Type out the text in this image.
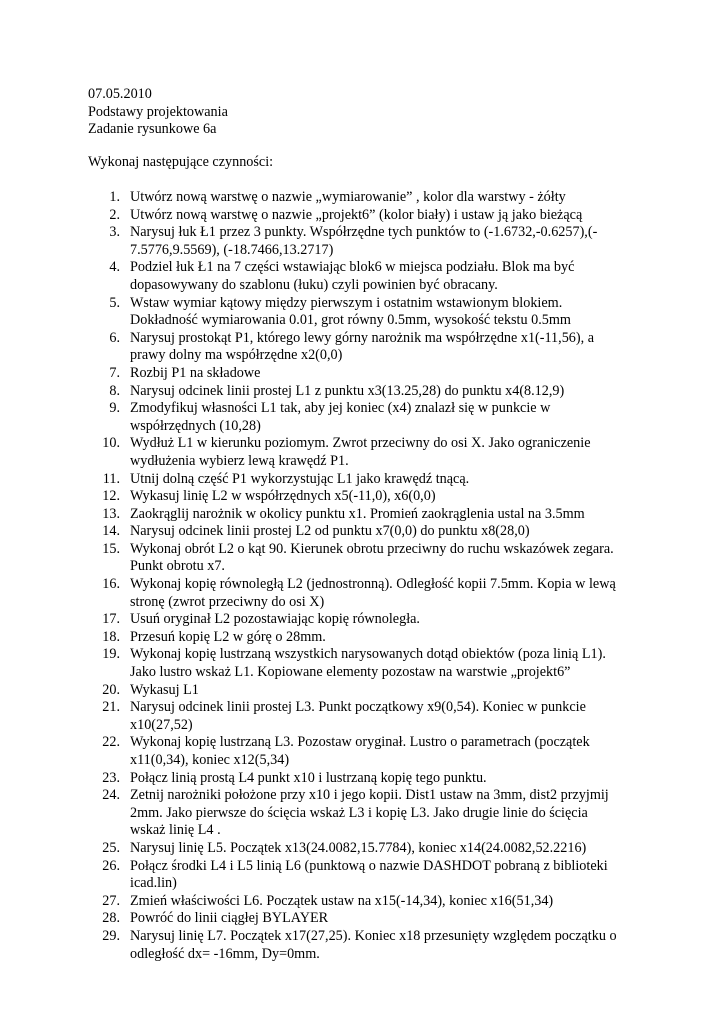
07.05.2010
Podstawy projektowania
Zadanie rysunkowe 6a
Wykonaj następujące czynności:
1. Utwórz nową warstwę o nazwie „wymiarowanie” , kolor dla warstwy - żółty
2. Utwórz nową warstwę o nazwie „projekt6” (kolor biały) i ustaw ją jako bieżącą
3. Narysuj łuk Ł1 przez 3 punkty. Współrzędne tych punktów to (-1.6732,-0.6257),(-
7.5776,9.5569), (-18.7466,13.2717)
4. Podziel łuk Ł1 na 7 części wstawiając blok6 w miejsca podziału. Blok ma być
dopasowywany do szablonu (łuku) czyli powinien być obracany.
5. Wstaw wymiar kątowy między pierwszym i ostatnim wstawionym blokiem.
Dokładność wymiarowania 0.01, grot równy 0.5mm, wysokość tekstu 0.5mm
6. Narysuj prostokąt P1, którego lewy górny narożnik ma współrzędne x1(-11,56), a
prawy dolny ma współrzędne x2(0,0)
7. Rozbij P1 na składowe
8. Narysuj odcinek linii prostej L1 z punktu x3(13.25,28) do punktu x4(8.12,9)
9. Zmodyfikuj własności L1 tak, aby jej koniec (x4) znalazł się w punkcie w
współrzędnych (10,28)
10. Wydłuż L1 w kierunku poziomym. Zwrot przeciwny do osi X. Jako ograniczenie
wydłużenia wybierz lewą krawędź P1.
11. Utnij dolną część P1 wykorzystując L1 jako krawędź tnącą.
12. Wykasuj linię L2 w współrzędnych x5(-11,0), x6(0,0)
13. Zaokrąglij narożnik w okolicy punktu x1. Promień zaokrąglenia ustal na 3.5mm
14. Narysuj odcinek linii prostej L2 od punktu x7(0,0) do punktu x8(28,0)
15. Wykonaj obrót L2 o kąt 90. Kierunek obrotu przeciwny do ruchu wskazówek zegara.
Punkt obrotu x7.
16. Wykonaj kopię równoległą L2 (jednostronną). Odległość kopii 7.5mm. Kopia w lewą
stronę (zwrot przeciwny do osi X)
17. Usuń oryginał L2 pozostawiając kopię równoległa.
18. Przesuń kopię L2 w górę o 28mm.
19. Wykonaj kopię lustrzaną wszystkich narysowanych dotąd obiektów (poza linią L1).
Jako lustro wskaż L1. Kopiowane elementy pozostaw na warstwie „projekt6”
20. Wykasuj L1
21. Narysuj odcinek linii prostej L3. Punkt początkowy x9(0,54). Koniec w punkcie
x10(27,52)
22. Wykonaj kopię lustrzaną L3. Pozostaw oryginał. Lustro o parametrach (początek
x11(0,34), koniec x12(5,34)
23. Połącz linią prostą L4 punkt x10 i lustrzaną kopię tego punktu.
24. Zetnij narożniki położone przy x10 i jego kopii. Dist1 ustaw na 3mm, dist2 przyjmij
2mm. Jako pierwsze do ścięcia wskaż L3 i kopię L3. Jako drugie linie do ścięcia
wskaż linię L4 .
25. Narysuj linię L5. Początek x13(24.0082,15.7784), koniec x14(24.0082,52.2216)
26. Połącz środki L4 i L5 linią L6 (punktową o nazwie DASHDOT pobraną z biblioteki
icad.lin)
27. Zmień właściwości L6. Początek ustaw na x15(-14,34), koniec x16(51,34)
28. Powróć do linii ciągłej BYLAYER
29. Narysuj linię L7. Początek x17(27,25). Koniec x18 przesunięty względem początku o
odległość dx= -16mm, Dy=0mm.
